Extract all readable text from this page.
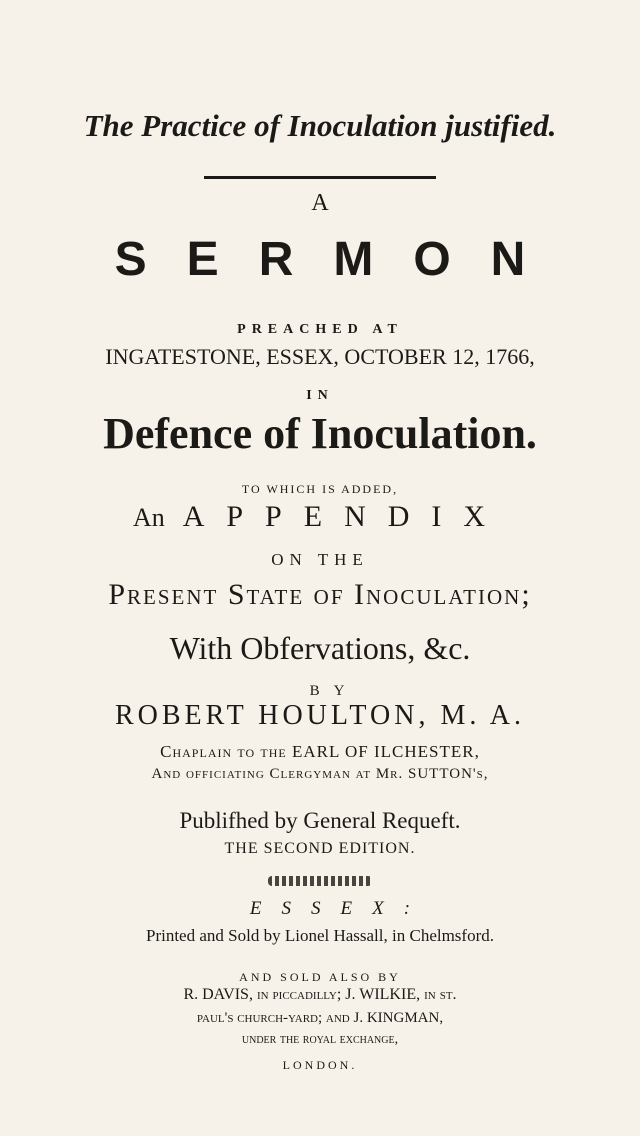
The Practice of Inoculation justified.
A
SERMON
PREACHED AT
INGATESTONE, ESSEX, OCTOBER 12, 1766,
IN
Defence of Inoculation.
TO WHICH IS ADDED,
An APPENDIX
ON THE
Present State of Inoculation;
With Obfervations, &c.
BY
ROBERT HOULTON, M. A.
Chaplain to the EARL OF ILCHESTER,
And officiating Clergyman at Mr. SUTTON's,
Publifhed by General Requeft.
THE SECOND EDITION.
ESSEX:
Printed and Sold by Lionel Hassall, in Chelmsford.
AND SOLD ALSO BY
R. DAVIS, in piccadilly; J. WILKIE, in st.
paul's church-yard; and J. KINGMAN,
under the royal exchange,
LONDON.
